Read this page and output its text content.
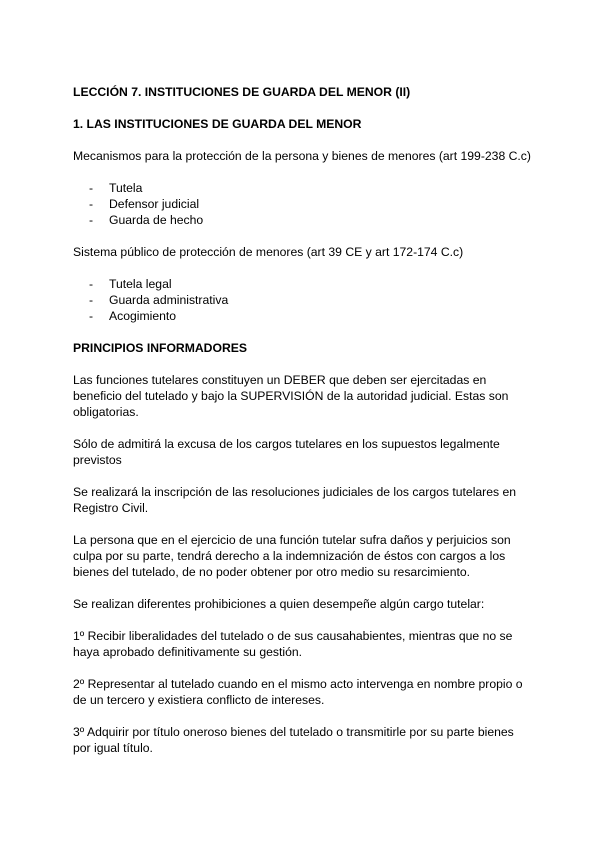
LECCIÓN 7. INSTITUCIONES DE GUARDA DEL MENOR (II)

1. LAS INSTITUCIONES DE GUARDA DEL MENOR

Mecanismos para la protección de la persona y bienes de menores (art 199-238 C.c)

- Tutela
- Defensor judicial
- Guarda de hecho

Sistema público de protección de menores (art 39 CE y art 172-174 C.c)

- Tutela legal
- Guarda administrativa
- Acogimiento

PRINCIPIOS INFORMADORES

Las funciones tutelares constituyen un DEBER que deben ser ejercitadas en beneficio del tutelado y bajo la SUPERVISIÓN de la autoridad judicial. Estas son obligatorias.

Sólo de admitirá la excusa de los cargos tutelares en los supuestos legalmente previstos

Se realizará la inscripción de las resoluciones judiciales de los cargos tutelares en Registro Civil.

La persona que en el ejercicio de una función tutelar sufra daños y perjuicios son culpa por su parte, tendrá derecho a la indemnización de éstos con cargos a los bienes del tutelado, de no poder obtener por otro medio su resarcimiento.

Se realizan diferentes prohibiciones a quien desempeñe algún cargo tutelar:

1º Recibir liberalidades del tutelado o de sus causahabientes, mientras que no se haya aprobado definitivamente su gestión.

2º Representar al tutelado cuando en el mismo acto intervenga en nombre propio o de un tercero y existiera conflicto de intereses.

3º Adquirir por título oneroso bienes del tutelado o transmitirle por su parte bienes por igual título.
